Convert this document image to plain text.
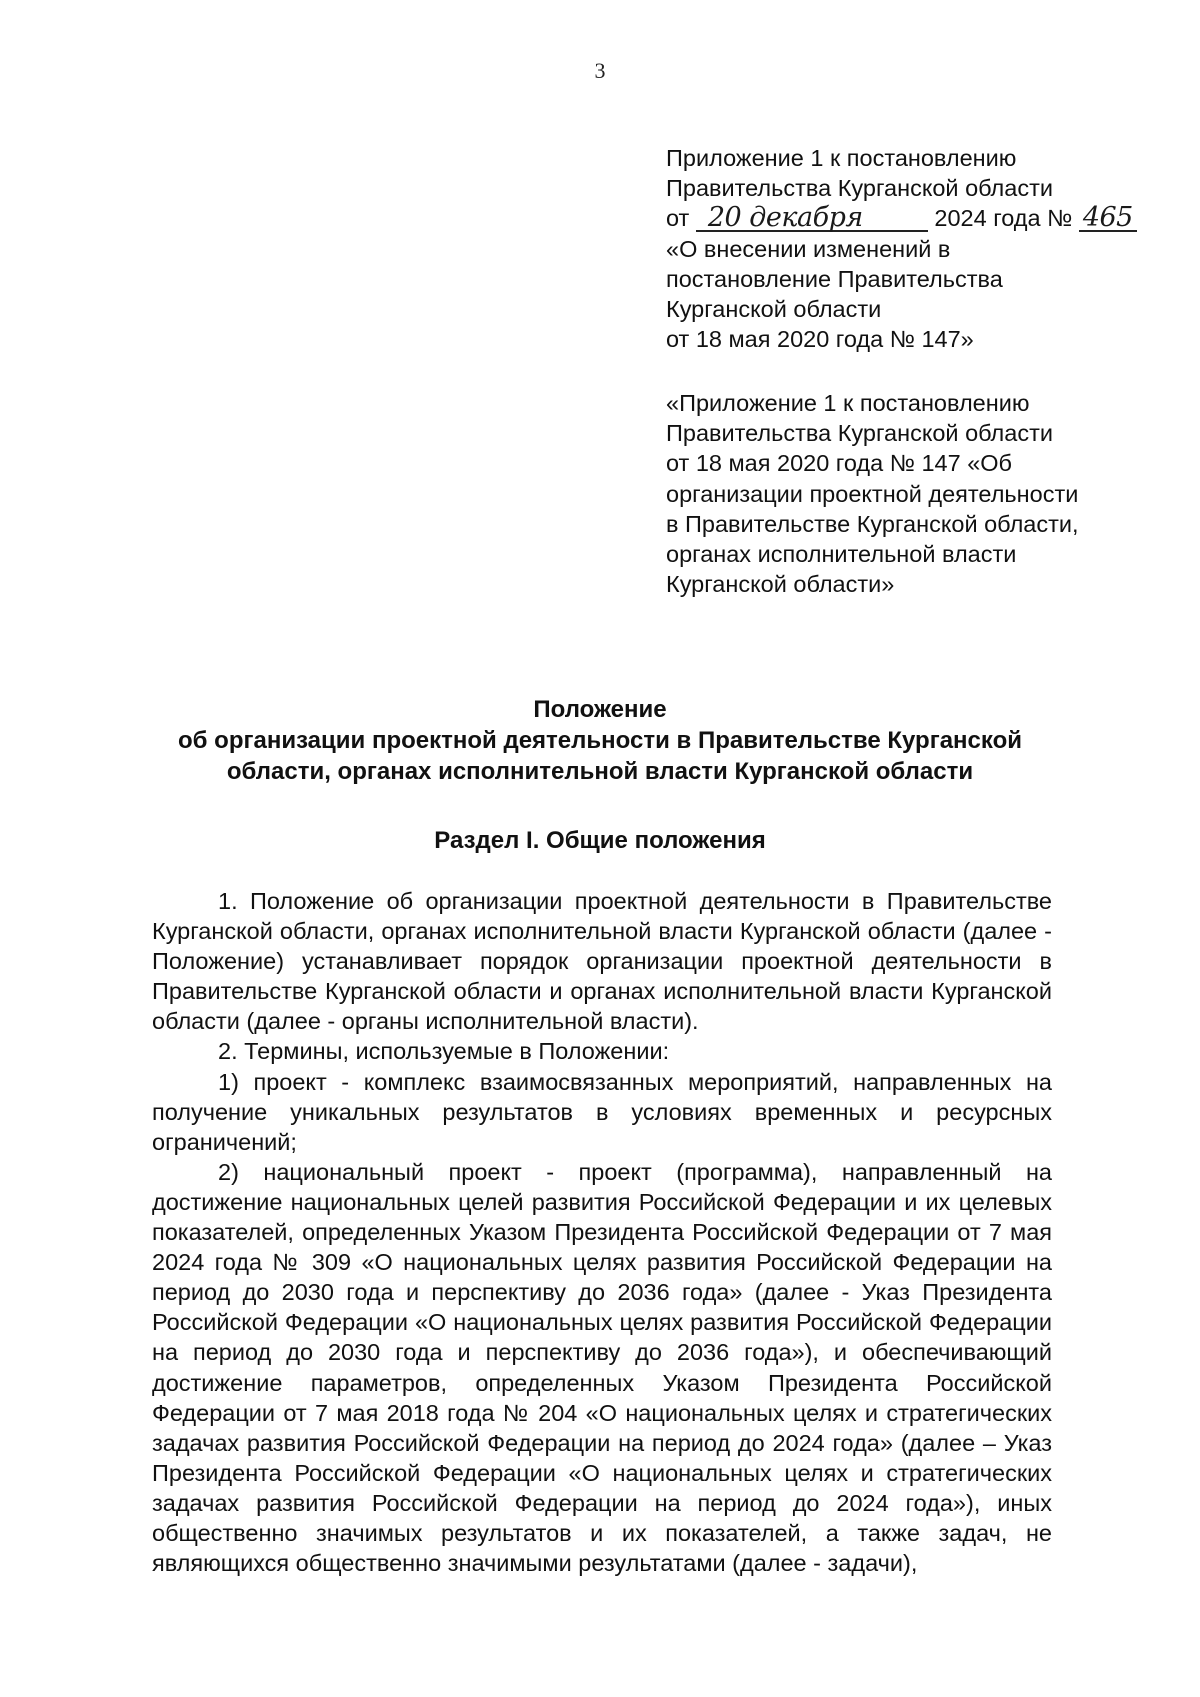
3
Приложение 1 к постановлению
Правительства Курганской области
от 20 декабря	2024 года № 465
«О внесении изменений в
постановление Правительства
Курганской области
от 18 мая 2020 года № 147»
«Приложение 1 к постановлению
Правительства Курганской области
от 18 мая 2020 года № 147 «Об
организации проектной деятельности
в Правительстве Курганской области,
органах исполнительной власти
Курганской области»
Положение
об организации проектной деятельности в Правительстве Курганской
области, органах исполнительной власти Курганской области
Раздел I. Общие положения

1. Положение об организации проектной деятельности в Правительстве Курганской области, органах исполнительной власти Курганской области (далее - Положение) устанавливает порядок организации проектной деятельности в Правительстве Курганской области и органах исполнительной власти Курганской области (далее - органы исполнительной власти).

2. Термины, используемые в Положении:

1) проект - комплекс взаимосвязанных мероприятий, направленных на получение уникальных результатов в условиях временных и ресурсных ограничений;

2) национальный проект - проект (программа), направленный на достижение национальных целей развития Российской Федерации и их целевых показателей, определенных Указом Президента Российской Федерации от 7 мая 2024 года № 309 «О национальных целях развития Российской Федерации на период до 2030 года и перспективу до 2036 года» (далее - Указ Президента Российской Федерации «О национальных целях развития Российской Федерации на период до 2030 года и перспективу до 2036 года»), и обеспечивающий достижение параметров, определенных Указом Президента Российской Федерации от 7 мая 2018 года № 204 «О национальных целях и стратегических задачах развития Российской Федерации на период до 2024 года» (далее – Указ Президента Российской Федерации «О национальных целях и стратегических задачах развития Российской Федерации на период до 2024 года»), иных общественно значимых результатов и их показателей, а также задач, не являющихся общественно значимыми результатами (далее - задачи),
